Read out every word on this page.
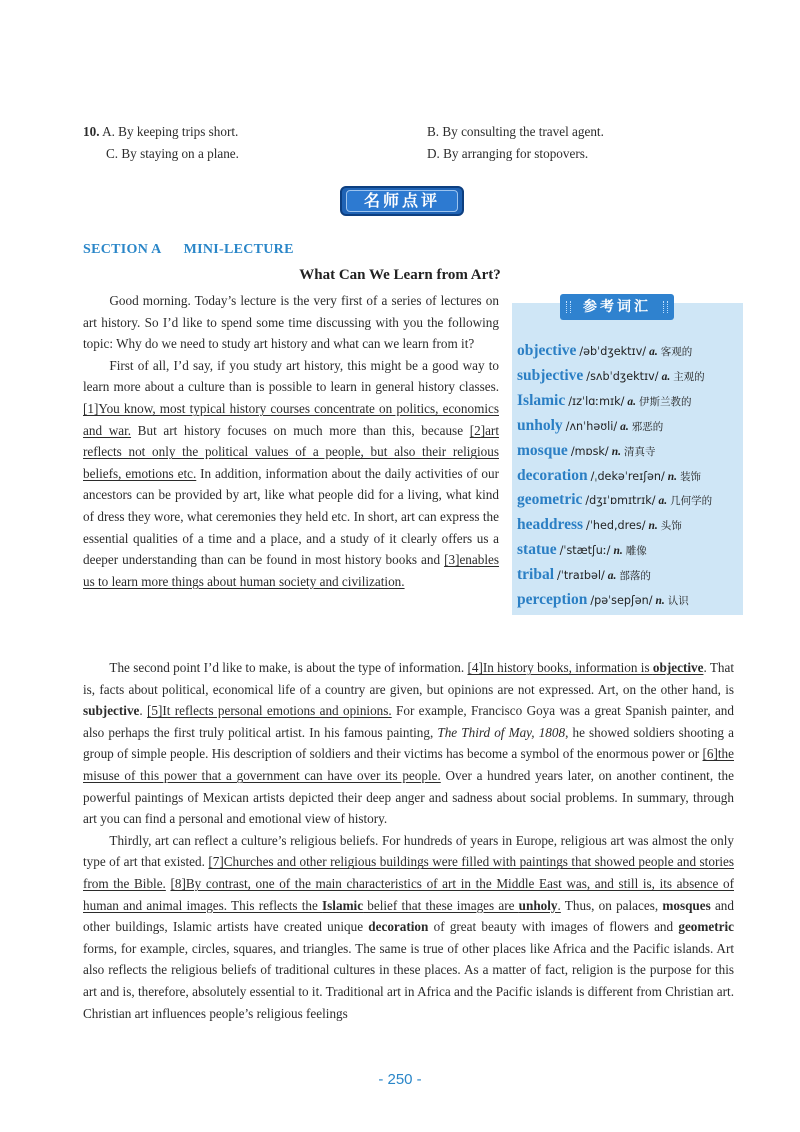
10. A. By keeping trips short.	B. By consulting the travel agent.
C. By staying on a plane.	D. By arranging for stopovers.
名师点评
SECTION A MINI-LECTURE
What Can We Learn from Art?

Good morning. Today’s lecture is the very first of a series of lectures on art history. So I’d like to spend some time discussing with you the following topic: Why do we need to study art history and what can we learn from it?

First of all, I’d say, if you study art history, this might be a good way to learn more about a culture than is possible to learn in general history classes. [1]You know, most typical history courses concentrate on politics, economics and war. But art history focuses on much more than this, because [2]art reflects not only the political values of a people, but also their religious beliefs, emotions etc. In addition, information about the daily activities of our ancestors can be provided by art, like what people did for a living, what kind of dress they wore, what ceremonies they held etc. In short, art can express the essential qualities of a time and a place, and a study of it clearly offers us a deeper understanding than can be found in most history books and [3]enables us to learn more things about human society and civilization.

参考词汇
objective /əbˈdʒektɪv/ a. 客观的
subjective /sʌbˈdʒektɪv/ a. 主观的
Islamic /ɪzˈlɑːmɪk/ a. 伊斯兰教的
unholy /ʌnˈhəʊli/ a. 邪恶的
mosque /mɒsk/ n. 清真寺
decoration /ˌdekəˈreɪʃən/ n. 装饰
geometric /dʒɪˈɒmɪtrɪk/ a. 几何学的
headdress /ˈhed,dres/ n. 头饰
statue /ˈstætʃuː/ n. 雕像
tribal /ˈtraɪbəl/ a. 部落的
perception /pəˈsepʃən/ n. 认识

The second point I’d like to make, is about the type of information. [4]In history books, information is objective. That is, facts about political, economical life of a country are given, but opinions are not expressed. Art, on the other hand, is subjective. [5]It reflects personal emotions and opinions. For example, Francisco Goya was a great Spanish painter, and also perhaps the first truly political artist. In his famous painting, The Third of May, 1808, he showed soldiers shooting a group of simple people. His description of soldiers and their victims has become a symbol of the enormous power or [6]the misuse of this power that a government can have over its people. Over a hundred years later, on another continent, the powerful paintings of Mexican artists depicted their deep anger and sadness about social problems. In summary, through art you can find a personal and emotional view of history.

Thirdly, art can reflect a culture’s religious beliefs. For hundreds of years in Europe, religious art was almost the only type of art that existed. [7]Churches and other religious buildings were filled with paintings that showed people and stories from the Bible. [8]By contrast, one of the main characteristics of art in the Middle East was, and still is, its absence of human and animal images. This reflects the Islamic belief that these images are unholy. Thus, on palaces, mosques and other buildings, Islamic artists have created unique decoration of great beauty with images of flowers and geometric forms, for example, circles, squares, and triangles. The same is true of other places like Africa and the Pacific islands. Art also reflects the religious beliefs of traditional cultures in these places. As a matter of fact, religion is the purpose for this art and is, therefore, absolutely essential to it. Traditional art in Africa and the Pacific islands is different from Christian art. Christian art influences people’s religious feelings

- 250 -
